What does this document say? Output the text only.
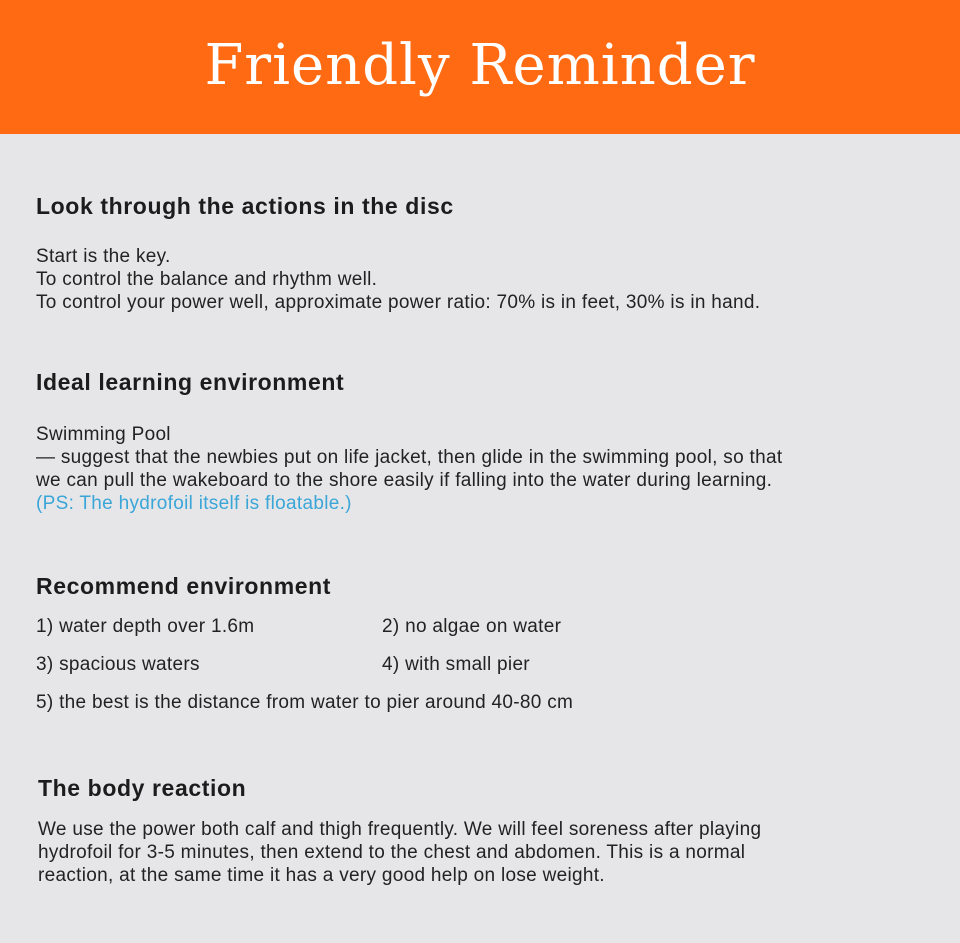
Friendly Reminder
Look through the actions in the disc
Start is the key.
To control the balance and rhythm well.
To control your power well, approximate power ratio: 70% is in feet, 30% is in hand.
Ideal learning environment
Swimming Pool
— suggest that the newbies put on life jacket, then glide in the swimming pool, so that
we can pull the wakeboard to the shore easily if falling into the water during learning.
(PS: The hydrofoil itself is floatable.)
Recommend environment
1) water depth over 1.6m	2) no algae on water
3) spacious waters	4) with small pier
5) the best is the distance from water to pier around 40-80 cm
The body reaction
We use the power both calf and thigh frequently. We will feel soreness after playing
hydrofoil for 3-5 minutes, then extend to the chest and abdomen. This is a normal
reaction, at the same time it has a very good help on lose weight.
